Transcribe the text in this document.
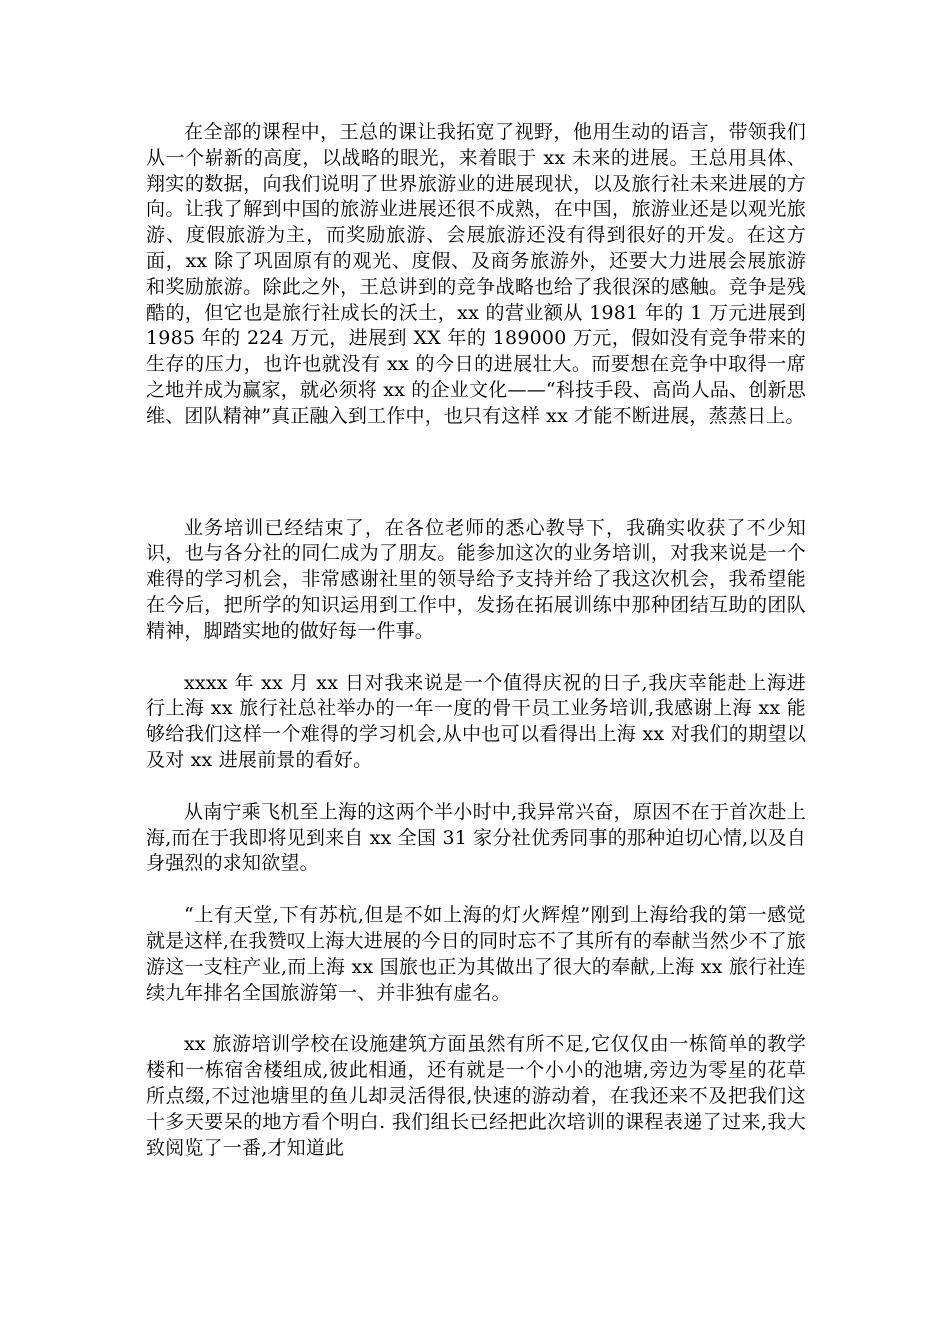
在全部的课程中，王总的课让我拓宽了视野，他用生动的语言，带领我们从一个崭新的高度，以战略的眼光，来着眼于 xx 未来的进展。王总用具体、翔实的数据，向我们说明了世界旅游业的进展现状，以及旅行社未来进展的方向。让我了解到中国的旅游业进展还很不成熟，在中国，旅游业还是以观光旅游、度假旅游为主，而奖励旅游、会展旅游还没有得到很好的开发。在这方面，xx 除了巩固原有的观光、度假、及商务旅游外，还要大力进展会展旅游和奖励旅游。除此之外，王总讲到的竞争战略也给了我很深的感触。竞争是残酷的，但它也是旅行社成长的沃土，xx 的营业额从 1981 年的 1 万元进展到 1985 年的 224 万元，进展到 XX 年的 189000 万元，假如没有竞争带来的生存的压力，也许也就没有 xx 的今日的进展壮大。而要想在竞争中取得一席之地并成为赢家，就必须将 xx 的企业文化——“科技手段、高尚人品、创新思维、团队精神”真正融入到工作中，也只有这样 xx 才能不断进展，蒸蒸日上。

业务培训已经结束了，在各位老师的悉心教导下，我确实收获了不少知识，也与各分社的同仁成为了朋友。能参加这次的业务培训，对我来说是一个难得的学习机会，非常感谢社里的领导给予支持并给了我这次机会，我希望能在今后，把所学的知识运用到工作中，发扬在拓展训练中那种团结互助的团队精神，脚踏实地的做好每一件事。

xxxx 年 xx 月 xx 日对我来说是一个值得庆祝的日子,我庆幸能赴上海进行上海 xx 旅行社总社举办的一年一度的骨干员工业务培训,我感谢上海 xx 能够给我们这样一个难得的学习机会,从中也可以看得出上海 xx 对我们的期望以及对 xx 进展前景的看好。

从南宁乘飞机至上海的这两个半小时中,我异常兴奋，原因不在于首次赴上海,而在于我即将见到来自 xx 全国 31 家分社优秀同事的那种迫切心情,以及自身强烈的求知欲望。

“上有天堂,下有苏杭,但是不如上海的灯火辉煌”刚到上海给我的第一感觉就是这样,在我赞叹上海大进展的今日的同时忘不了其所有的奉献当然少不了旅游这一支柱产业,而上海 xx 国旅也正为其做出了很大的奉献,上海 xx 旅行社连续九年排名全国旅游第一、并非独有虚名。

xx 旅游培训学校在设施建筑方面虽然有所不足,它仅仅由一栋简单的教学楼和一栋宿舍楼组成,彼此相通，还有就是一个小小的池塘,旁边为零星的花草所点缀,不过池塘里的鱼儿却灵活得很,快速的游动着，在我还来不及把我们这十多天要呆的地方看个明白. 我们组长已经把此次培训的课程表递了过来,我大致阅览了一番,才知道此
